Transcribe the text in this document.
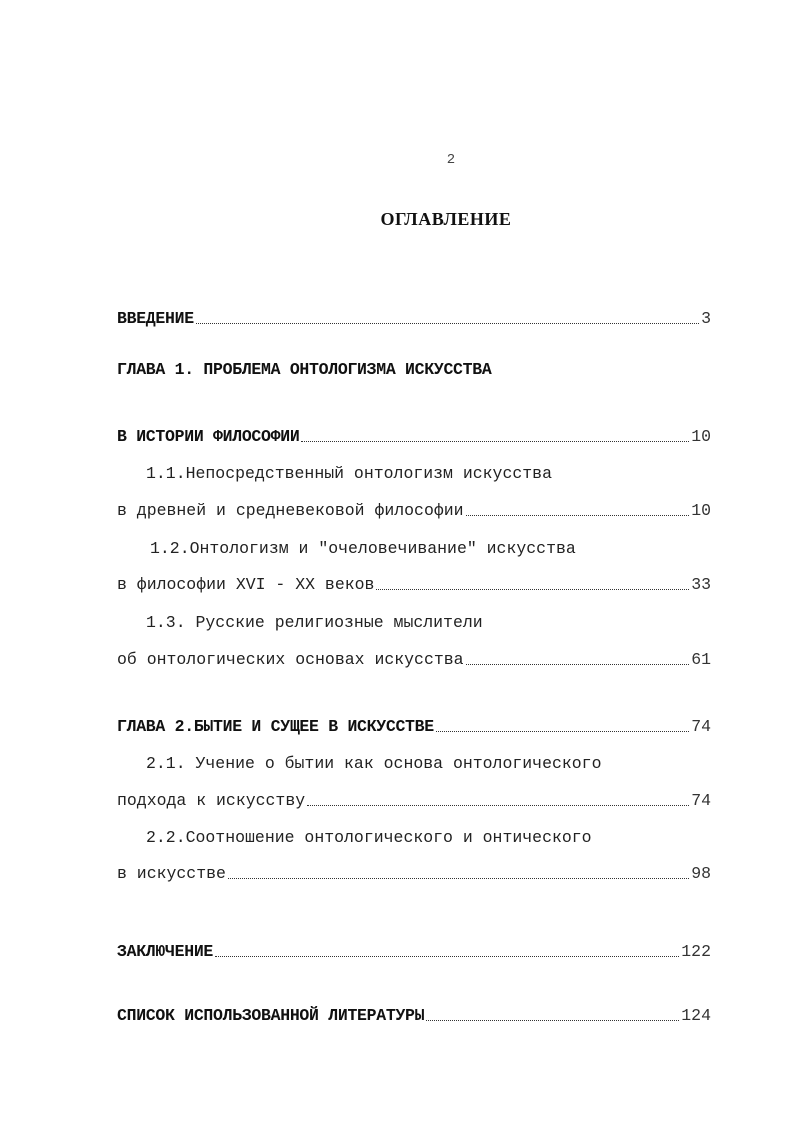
2
ОГЛАВЛЕНИЕ
ВВЕДЕНИЕ	3
ГЛАВА 1. ПРОБЛЕМА ОНТОЛОГИЗМА ИСКУССТВА
В ИСТОРИИ ФИЛОСОФИИ	10
1.1.Непосредственный онтологизм искусства
в древней и средневековой философии	10
1.2.Онтологизм и "очеловечивание" искусства
в философии XVI - XX веков	33
1.3. Русские религиозные мыслители
об онтологических основах искусства	61
ГЛАВА 2.БЫТИЕ И СУЩЕЕ В ИСКУССТВЕ	74
2.1. Учение о бытии как основа онтологического
подхода к искусству	74
2.2.Соотношение онтологического и онтического
в искусстве	98
ЗАКЛЮЧЕНИЕ	122
СПИСОК ИСПОЛЬЗОВАННОЙ ЛИТЕРАТУРЫ	124
